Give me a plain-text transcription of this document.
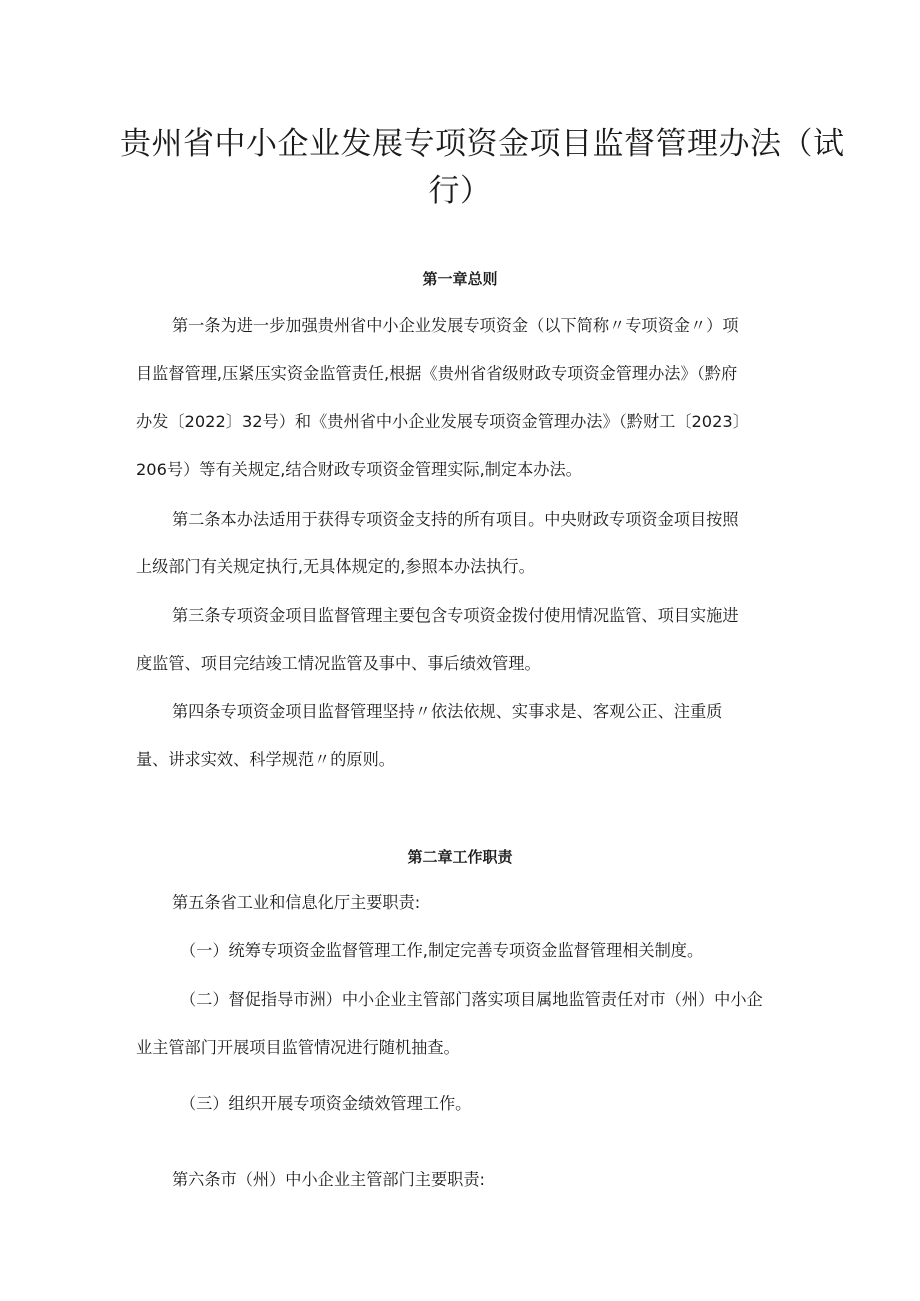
贵州省中小企业发展专项资金项目监督管理办法（试
行）
第一章总则
第一条为进一步加强贵州省中小企业发展专项资金（以下简称〃专项资金〃）项
目监督管理,压紧压实资金监管责任,根据《贵州省省级财政专项资金管理办法》（黔府
办发〔2022〕32号）和《贵州省中小企业发展专项资金管理办法》（黔财工〔2023〕
206号）等有关规定,结合财政专项资金管理实际,制定本办法。
第二条本办法适用于获得专项资金支持的所有项目。中央财政专项资金项目按照
上级部门有关规定执行,无具体规定的,参照本办法执行。
第三条专项资金项目监督管理主要包含专项资金拨付使用情况监管、项目实施进
度监管、项目完结竣工情况监管及事中、事后绩效管理。
第四条专项资金项目监督管理坚持〃依法依规、实事求是、客观公正、注重质
量、讲求实效、科学规范〃的原则。
第二章工作职责
第五条省工业和信息化厅主要职责:
（一）统筹专项资金监督管理工作,制定完善专项资金监督管理相关制度。
（二）督促指导市洲）中小企业主管部门落实项目属地监管责任对市（州）中小企
业主管部门开展项目监管情况进行随机抽查。
（三）组织开展专项资金绩效管理工作。
第六条市（州）中小企业主管部门主要职责:
